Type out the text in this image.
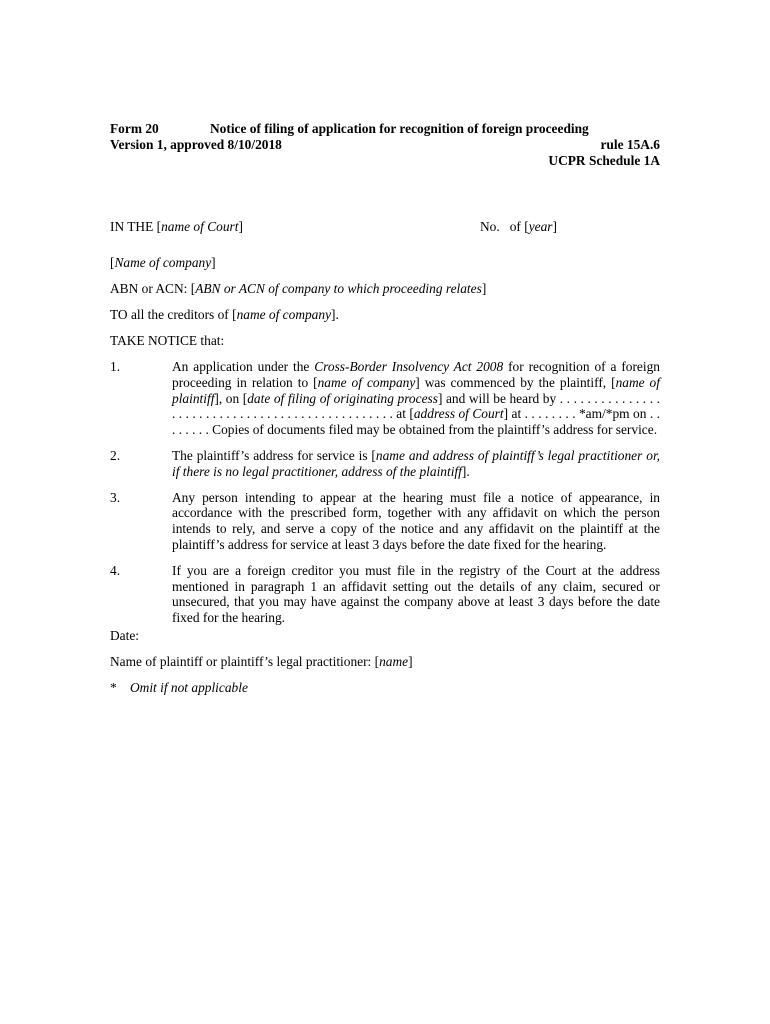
Form 20	Notice of filing of application for recognition of foreign proceeding
Version 1, approved 8/10/2018	rule 15A.6
UCPR Schedule 1A
IN THE [name of Court]	No. of [year]
[Name of company]
ABN or ACN: [ABN or ACN of company to which proceeding relates]
TO all the creditors of [name of company].
TAKE NOTICE that:
1.	An application under the Cross-Border Insolvency Act 2008 for recognition of a foreign proceeding in relation to [name of company] was commenced by the plaintiff, [name of plaintiff], on [date of filing of originating process] and will be heard by . . . . . . . . . . . . . . . . . . . . . . . . . . . . . . . . . . . . . . . . . . . . . . . . at [address of Court] at . . . . . . . . *am/*pm on . . . . . . . . Copies of documents filed may be obtained from the plaintiff’s address for service.
2.	The plaintiff’s address for service is [name and address of plaintiff’s legal practitioner or, if there is no legal practitioner, address of the plaintiff].
3.	Any person intending to appear at the hearing must file a notice of appearance, in accordance with the prescribed form, together with any affidavit on which the person intends to rely, and serve a copy of the notice and any affidavit on the plaintiff at the plaintiff’s address for service at least 3 days before the date fixed for the hearing.
4.	If you are a foreign creditor you must file in the registry of the Court at the address mentioned in paragraph 1 an affidavit setting out the details of any claim, secured or unsecured, that you may have against the company above at least 3 days before the date fixed for the hearing.
Date:
Name of plaintiff or plaintiff’s legal practitioner: [name]
* Omit if not applicable
